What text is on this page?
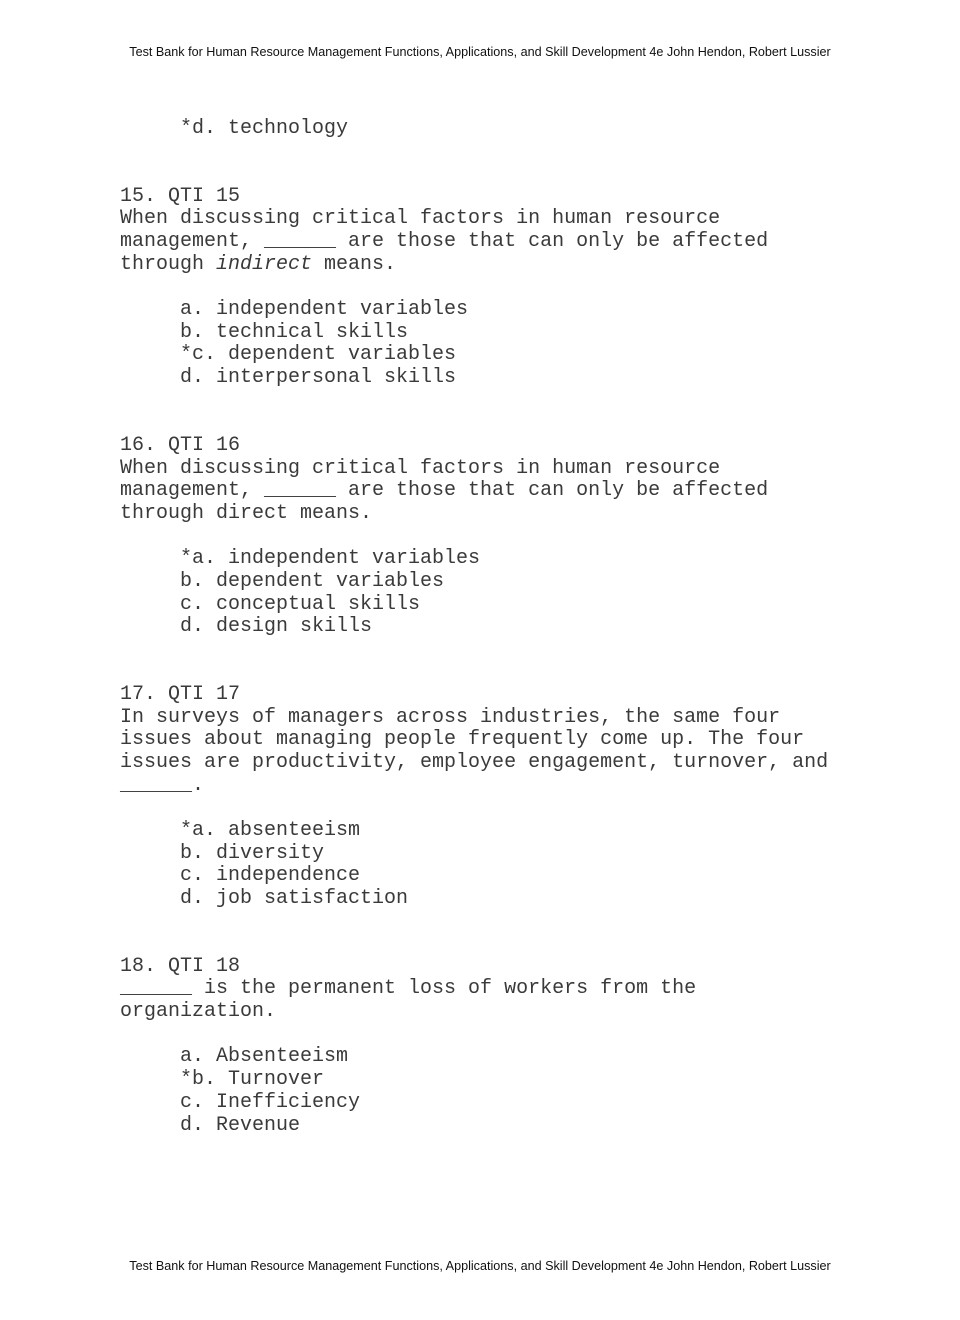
Test Bank for Human Resource Management Functions, Applications, and Skill Development 4e John Hendon, Robert Lussier
*d. technology
15. QTI 15
When discussing critical factors in human resource
management, ______ are those that can only be affected
through indirect means.
a. independent variables
b. technical skills
*c. dependent variables
d. interpersonal skills
16. QTI 16
When discussing critical factors in human resource
management, ______ are those that can only be affected
through direct means.
*a. independent variables
b. dependent variables
c. conceptual skills
d. design skills
17. QTI 17
In surveys of managers across industries, the same four
issues about managing people frequently come up. The four
issues are productivity, employee engagement, turnover, and
______.
*a. absenteeism
b. diversity
c. independence
d. job satisfaction
18. QTI 18
______ is the permanent loss of workers from the
organization.
a. Absenteeism
*b. Turnover
c. Inefficiency
d. Revenue
Test Bank for Human Resource Management Functions, Applications, and Skill Development 4e John Hendon, Robert Lussier
